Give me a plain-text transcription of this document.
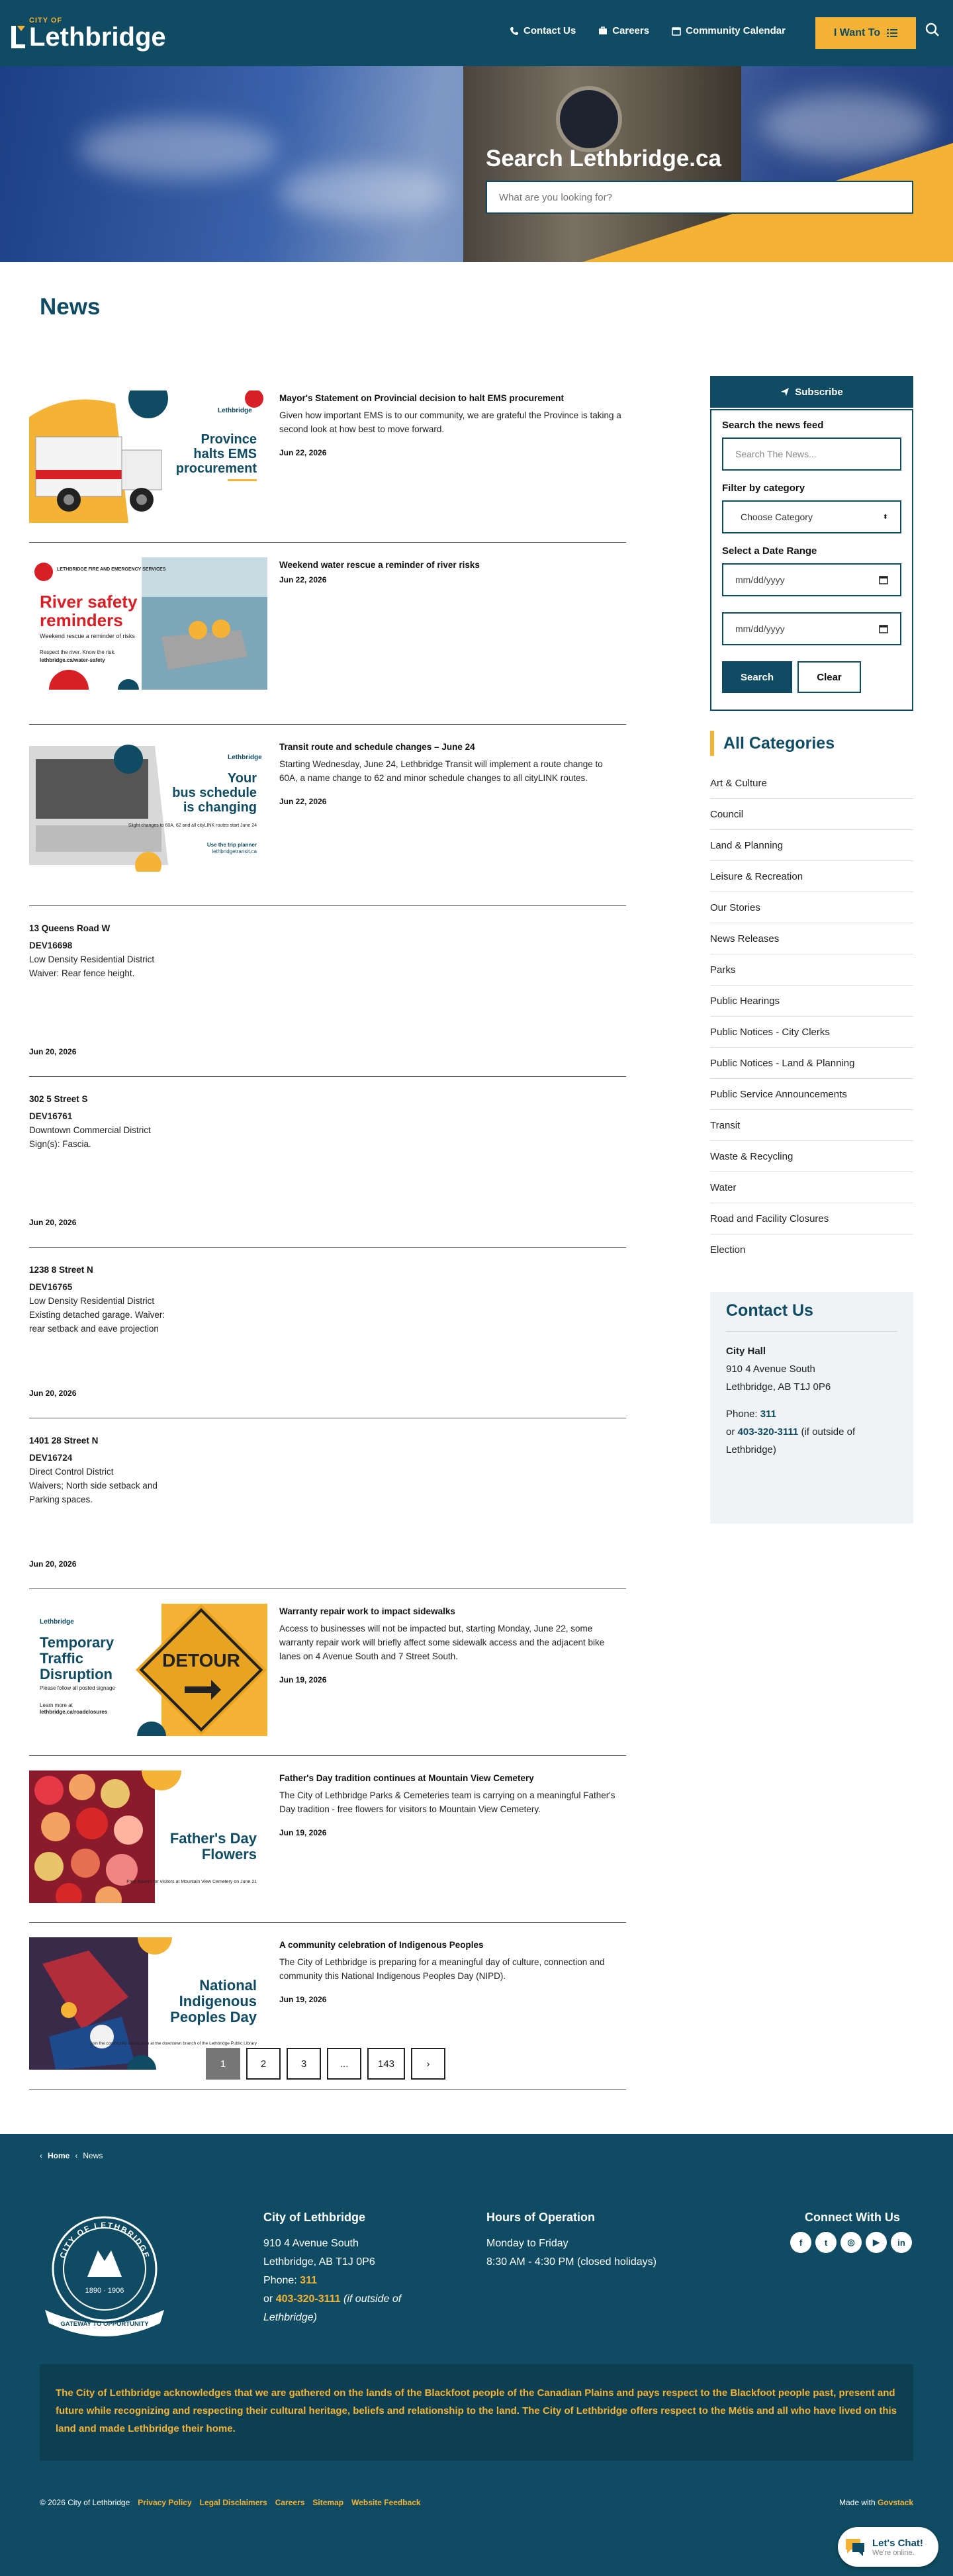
CITY OF
Lethbridge	Contact Us	Careers	Community Calendar	I Want To
Search Lethbridge.ca
What are you looking for?
News
Lethbridge
Province
halts EMS
procurement
Mayor's Statement on Provincial decision to halt EMS procurement
Given how important EMS is to our community, we are grateful the Province is taking a second look at how best to move forward.
Jun 22, 2026
LETHBRIDGE FIRE AND EMERGENCY SERVICES
River safety
reminders
Weekend rescue a reminder of risks
Respect the river. Know the risk.
lethbridge.ca/water-safety
Weekend water rescue a reminder of river risks
Jun 22, 2026
Lethbridge
Your
bus schedule
is changing
Slight changes to 60A, 62 and all cityLINK routes start June 24
Use the trip planner
lethbridgetransit.ca
Transit route and schedule changes – June 24
Starting Wednesday, June 24, Lethbridge Transit will implement a route change to 60A, a name change to 62 and minor schedule changes to all cityLINK routes.
Jun 22, 2026
13 Queens Road W
DEV16698
Low Density Residential District
Waiver: Rear fence height.
Jun 20, 2026
302 5 Street S
DEV16761
Downtown Commercial District
Sign(s): Fascia.
Jun 20, 2026
1238 8 Street N
DEV16765
Low Density Residential District
Existing detached garage. Waiver:
rear setback and eave projection
Jun 20, 2026
1401 28 Street N
DEV16724
Direct Control District
Waivers; North side setback and
Parking spaces.
Jun 20, 2026
DETOUR
Lethbridge
Temporary
Traffic
Disruption
Please follow all posted signage
Learn more at
lethbridge.ca/roadclosures
Warranty repair work to impact sidewalks
Access to businesses will not be impacted but, starting Monday, June 22, some warranty repair work will briefly affect some sidewalk access and the adjacent bike lanes on 4 Avenue South and 7 Street South.
Jun 19, 2026
Father's Day
Flowers
Free flowers for visitors at Mountain View Cemetery on June 21
Father's Day tradition continues at Mountain View Cemetery
The City of Lethbridge Parks & Cemeteries team is carrying on a meaningful Father's Day tradition - free flowers for visitors to Mountain View Cemetery.
Jun 19, 2026
National
Indigenous
Peoples Day
Join the community celebration at the downtown branch of the Lethbridge Public Library
A community celebration of Indigenous Peoples
The City of Lethbridge is preparing for a meaningful day of culture, connection and community this National Indigenous Peoples Day (NIPD).
Jun 19, 2026
1	2	3	...	143	›
Subscribe
Search the news feed
Search The News...
Filter by category
Choose Category	⬍
Select a Date Range
mm/dd/yyyy
mm/dd/yyyy
Search	Clear
All Categories
Art & Culture
Council
Land & Planning
Leisure & Recreation
Our Stories
News Releases
Parks
Public Hearings
Public Notices - City Clerks
Public Notices - Land & Planning
Public Service Announcements
Transit
Waste & Recycling
Water
Road and Facility Closures
Election
Contact Us

City Hall

910 4 Avenue South

Lethbridge, AB T1J 0P6

Phone: 311

or 403-320-3111 (if outside of Lethbridge)

‹ Home ‹ News
CITY OF LETHBRIDGE
1890 · 1906
GATEWAY TO OPPORTUNITY
City of Lethbridge
910 4 Avenue South
Lethbridge, AB T1J 0P6
Phone: 311
or 403-320-3111 (if outside of Lethbridge)
Hours of Operation
Monday to Friday
8:30 AM - 4:30 PM (closed holidays)
Connect With Us
f	t	◎	▶	in
The City of Lethbridge acknowledges that we are gathered on the lands of the Blackfoot people of the Canadian Plains and pays respect to the Blackfoot people past, present and future while recognizing and respecting their cultural heritage, beliefs and relationship to the land. The City of Lethbridge offers respect to the Métis and all who have lived on this land and made Lethbridge their home.
© 2026 City of Lethbridge Privacy Policy Legal Disclaimers Careers Sitemap Website Feedback	Made with Govstack
Let's Chat!
We're online.
